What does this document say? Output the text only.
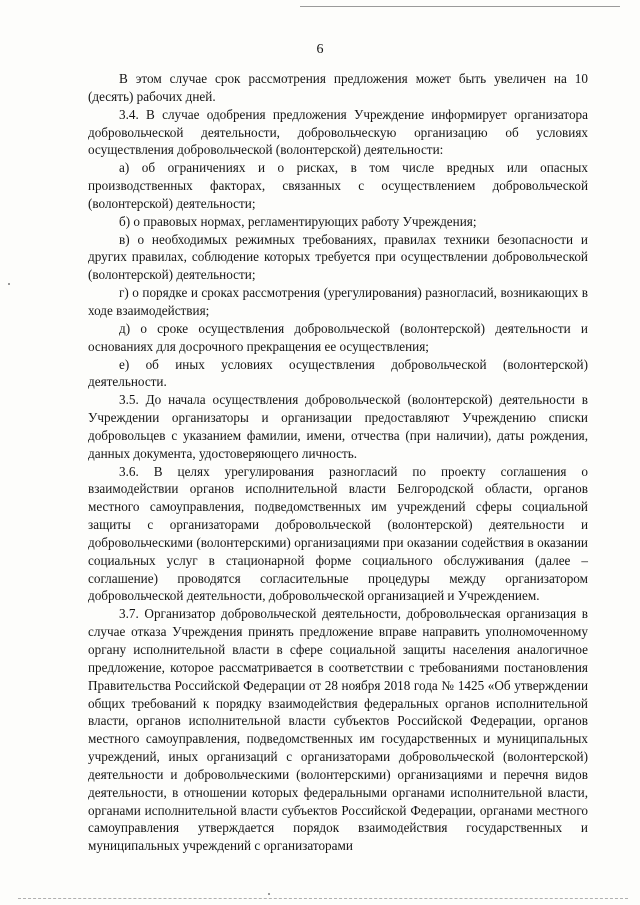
6

В этом случае срок рассмотрения предложения может быть увеличен на 10 (десять) рабочих дней.

3.4. В случае одобрения предложения Учреждение информирует организатора добровольческой деятельности, добровольческую организацию об условиях осуществления добровольческой (волонтерской) деятельности:

а) об ограничениях и о рисках, в том числе вредных или опасных производственных факторах, связанных с осуществлением добровольческой (волонтерской) деятельности;

б) о правовых нормах, регламентирующих работу Учреждения;

в) о необходимых режимных требованиях, правилах техники безопасности и других правилах, соблюдение которых требуется при осуществлении добровольческой (волонтерской) деятельности;

г) о порядке и сроках рассмотрения (урегулирования) разногласий, возникающих в ходе взаимодействия;

д) о сроке осуществления добровольческой (волонтерской) деятельности и основаниях для досрочного прекращения ее осуществления;

е) об иных условиях осуществления добровольческой (волонтерской) деятельности.

3.5. До начала осуществления добровольческой (волонтерской) деятельности в Учреждении организаторы и организации предоставляют Учреждению списки добровольцев с указанием фамилии, имени, отчества (при наличии), даты рождения, данных документа, удостоверяющего личность.

3.6. В целях урегулирования разногласий по проекту соглашения о взаимодействии органов исполнительной власти Белгородской области, органов местного самоуправления, подведомственных им учреждений сферы социальной защиты с организаторами добровольческой (волонтерской) деятельности и добровольческими (волонтерскими) организациями при оказании содействия в оказании социальных услуг в стационарной форме социального обслуживания (далее – соглашение) проводятся согласительные процедуры между организатором добровольческой деятельности, добровольческой организацией и Учреждением.

3.7. Организатор добровольческой деятельности, добровольческая организация в случае отказа Учреждения принять предложение вправе направить уполномоченному органу исполнительной власти в сфере социальной защиты населения аналогичное предложение, которое рассматривается в соответствии с требованиями постановления Правительства Российской Федерации от 28 ноября 2018 года № 1425 «Об утверждении общих требований к порядку взаимодействия федеральных органов исполнительной власти, органов исполнительной власти субъектов Российской Федерации, органов местного самоуправления, подведомственных им государственных и муниципальных учреждений, иных организаций с организаторами добровольческой (волонтерской) деятельности и добровольческими (волонтерскими) организациями и перечня видов деятельности, в отношении которых федеральными органами исполнительной власти, органами исполнительной власти субъектов Российской Федерации, органами местного самоуправления утверждается порядок взаимодействия государственных и муниципальных учреждений с организаторами
